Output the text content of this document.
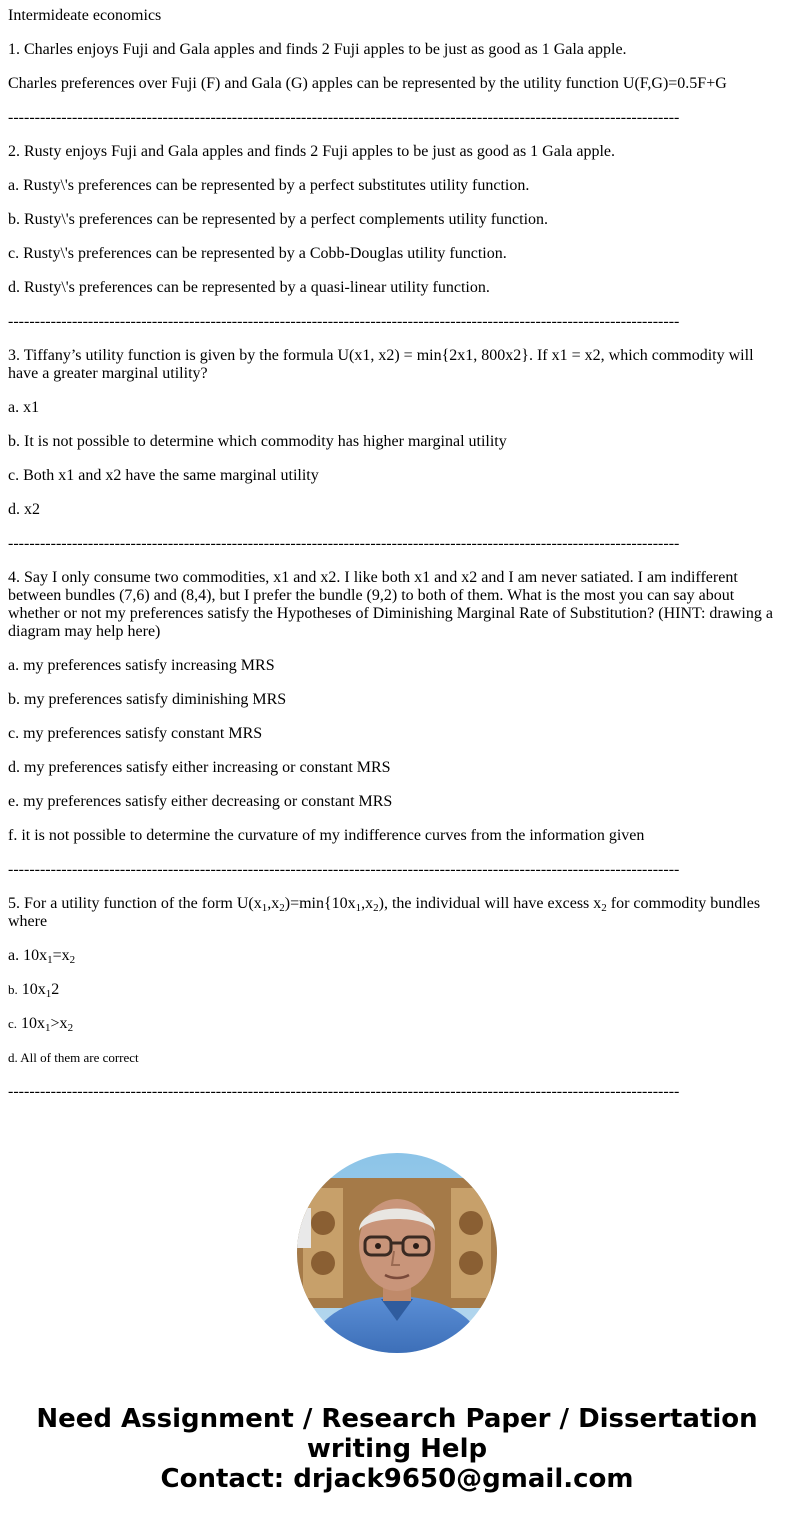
Intermideate economics

1. Charles enjoys Fuji and Gala apples and finds 2 Fuji apples to be just as good as 1 Gala apple.

Charles preferences over Fuji (F) and Gala (G) apples can be represented by the utility function U(F,G)=0.5F+G

------------------------------------------------------------------------------------------------------------------------------

2. Rusty enjoys Fuji and Gala apples and finds 2 Fuji apples to be just as good as 1 Gala apple.

a. Rusty\'s preferences can be represented by a perfect substitutes utility function.

b. Rusty\'s preferences can be represented by a perfect complements utility function.

c. Rusty\'s preferences can be represented by a Cobb-Douglas utility function.

d. Rusty\'s preferences can be represented by a quasi-linear utility function.

------------------------------------------------------------------------------------------------------------------------------

3. Tiffany’s utility function is given by the formula U(x1, x2) = min{2x1, 800x2}. If x1 = x2, which commodity will have a greater marginal utility?

a. x1

b. It is not possible to determine which commodity has higher marginal utility

c. Both x1 and x2 have the same marginal utility

d. x2

------------------------------------------------------------------------------------------------------------------------------

4. Say I only consume two commodities, x1 and x2. I like both x1 and x2 and I am never satiated. I am indifferent between bundles (7,6) and (8,4), but I prefer the bundle (9,2) to both of them. What is the most you can say about whether or not my preferences satisfy the Hypotheses of Diminishing Marginal Rate of Substitution? (HINT: drawing a diagram may help here)

a. my preferences satisfy increasing MRS

b. my preferences satisfy diminishing MRS

c. my preferences satisfy constant MRS

d. my preferences satisfy either increasing or constant MRS

e. my preferences satisfy either decreasing or constant MRS

f. it is not possible to determine the curvature of my indifference curves from the information given

------------------------------------------------------------------------------------------------------------------------------

5. For a utility function of the form $U(x_1,x_2)=\min\{10x_1,x_2)$, the individual will have excess $x_2$ for commodity bundles where

a. $10x_1=x_2$

b. $10x_12$

c. $10x_1>x_2$

d. All of them are correct

------------------------------------------------------------------------------------------------------------------------------

Need Assignment / Research Paper / Dissertation
writing Help
Contact: drjack9650@gmail.com
